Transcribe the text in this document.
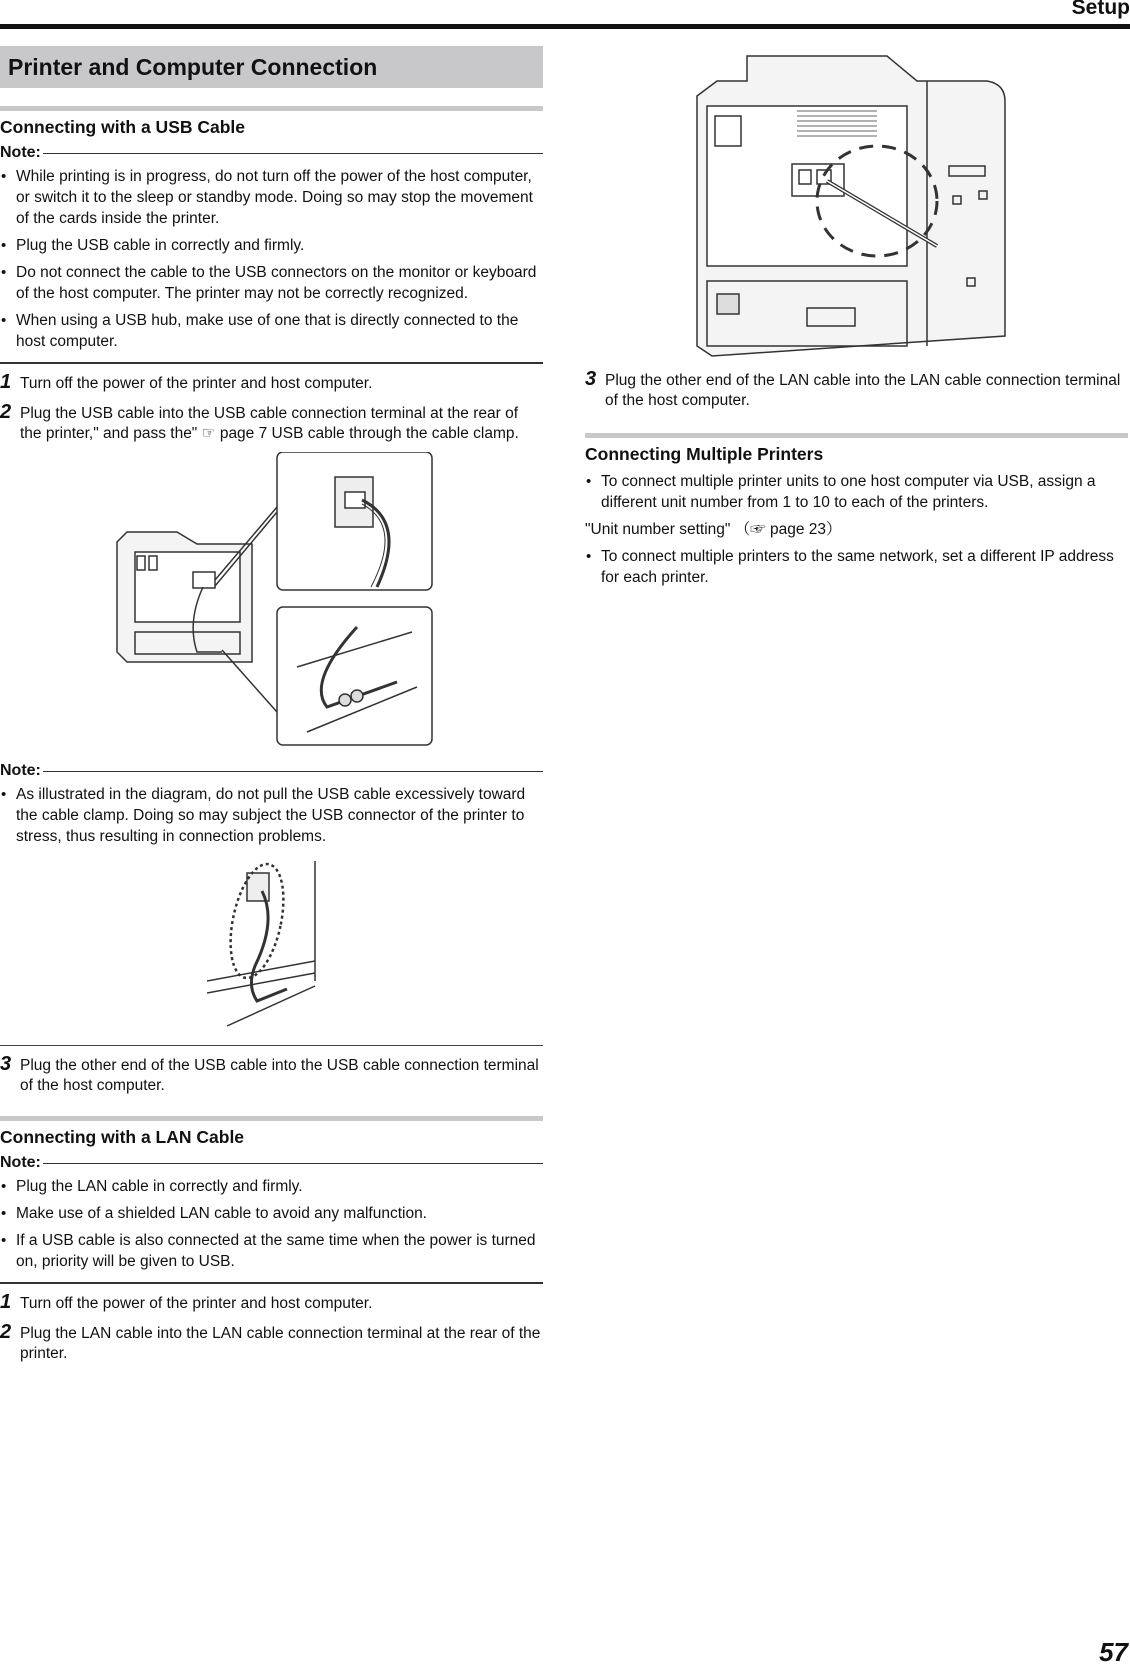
Setup
Printer and Computer Connection
Connecting with a USB Cable
Note:
• While printing is in progress, do not turn off the power of the host computer, or switch it to the sleep or standby mode. Doing so may stop the movement of the cards inside the printer.
• Plug the USB cable in correctly and firmly.
• Do not connect the cable to the USB connectors on the monitor or keyboard of the host computer. The printer may not be correctly recognized.
• When using a USB hub, make use of one that is directly connected to the host computer.
1 Turn off the power of the printer and host computer.
2 Plug the USB cable into the USB cable connection terminal at the rear of the printer," and pass the" ☞ page 7 USB cable through the cable clamp.
Note:
• As illustrated in the diagram, do not pull the USB cable excessively toward the cable clamp. Doing so may subject the USB connector of the printer to stress, thus resulting in connection problems.
3 Plug the other end of the USB cable into the USB cable connection terminal of the host computer.
Connecting with a LAN Cable
Note:
• Plug the LAN cable in correctly and firmly.
• Make use of a shielded LAN cable to avoid any malfunction.
• If a USB cable is also connected at the same time when the power is turned on, priority will be given to USB.
1 Turn off the power of the printer and host computer.
2 Plug the LAN cable into the LAN cable connection terminal at the rear of the printer.
3 Plug the other end of the LAN cable into the LAN cable connection terminal of the host computer.
Connecting Multiple Printers
• To connect multiple printer units to one host computer via USB, assign a different unit number from 1 to 10 to each of the printers.
"Unit number setting" （☞ page 23）
• To connect multiple printers to the same network, set a different IP address for each printer.
57
